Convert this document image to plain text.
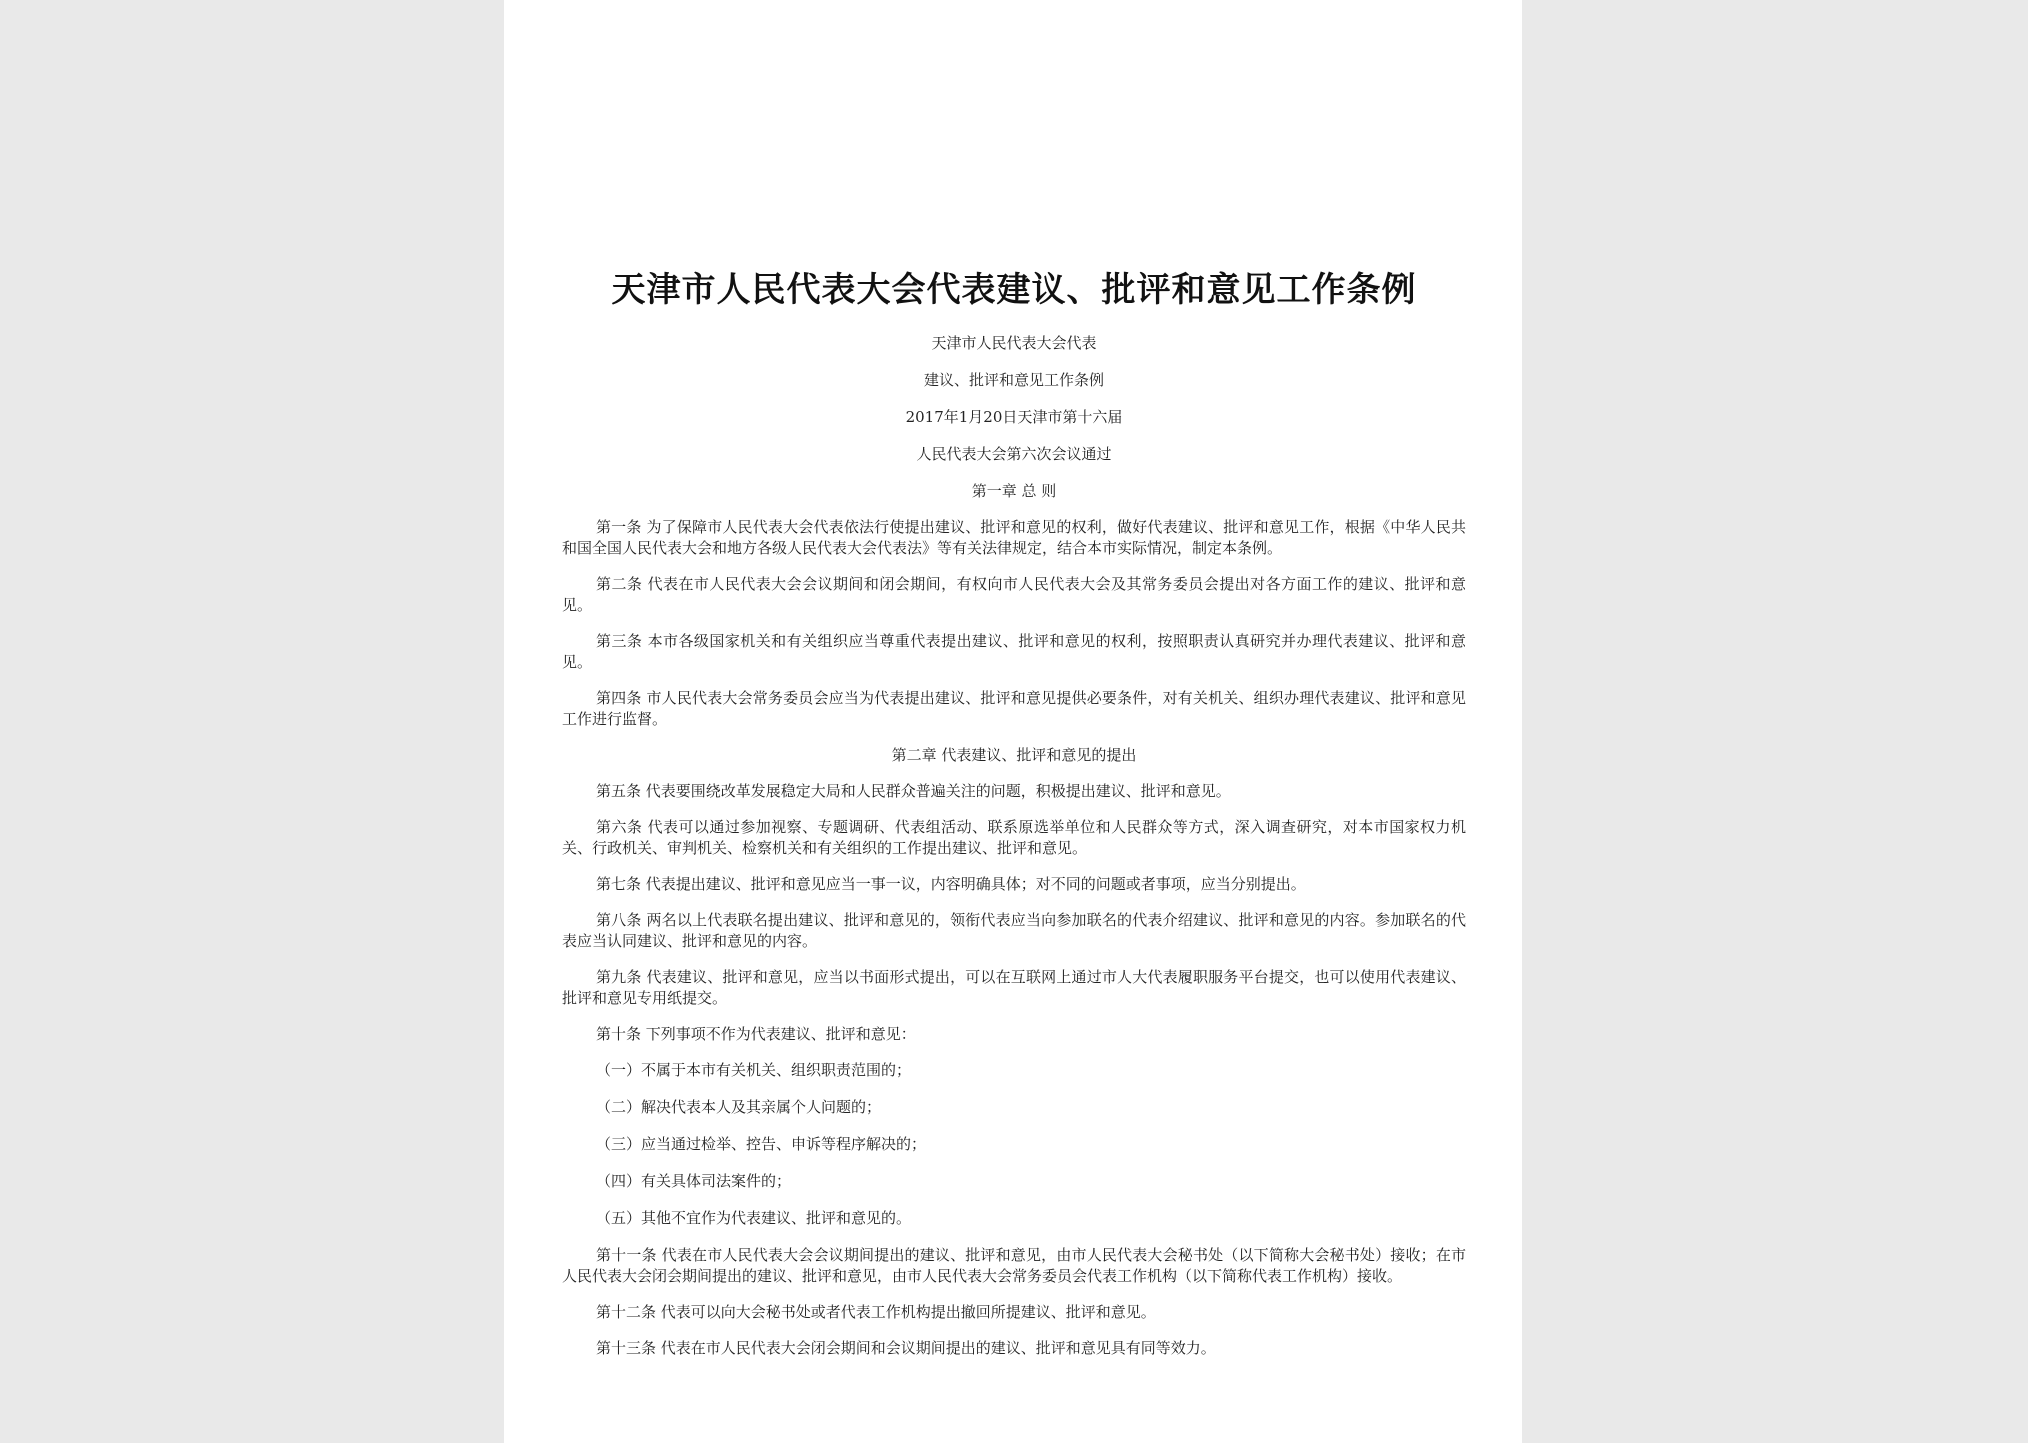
天津市人民代表大会代表建议、批评和意见工作条例

天津市人民代表大会代表

建议、批评和意见工作条例

2017年1月20日天津市第十六届

人民代表大会第六次会议通过

第一章 总 则

第一条 为了保障市人民代表大会代表依法行使提出建议、批评和意见的权利，做好代表建议、批评和意见工作，根据《中华人民共和国全国人民代表大会和地方各级人民代表大会代表法》等有关法律规定，结合本市实际情况，制定本条例。

第二条 代表在市人民代表大会会议期间和闭会期间，有权向市人民代表大会及其常务委员会提出对各方面工作的建议、批评和意见。

第三条 本市各级国家机关和有关组织应当尊重代表提出建议、批评和意见的权利，按照职责认真研究并办理代表建议、批评和意见。

第四条 市人民代表大会常务委员会应当为代表提出建议、批评和意见提供必要条件，对有关机关、组织办理代表建议、批评和意见工作进行监督。

第二章 代表建议、批评和意见的提出

第五条 代表要围绕改革发展稳定大局和人民群众普遍关注的问题，积极提出建议、批评和意见。

第六条 代表可以通过参加视察、专题调研、代表组活动、联系原选举单位和人民群众等方式，深入调查研究，对本市国家权力机关、行政机关、审判机关、检察机关和有关组织的工作提出建议、批评和意见。

第七条 代表提出建议、批评和意见应当一事一议，内容明确具体；对不同的问题或者事项，应当分别提出。

第八条 两名以上代表联名提出建议、批评和意见的，领衔代表应当向参加联名的代表介绍建议、批评和意见的内容。参加联名的代表应当认同建议、批评和意见的内容。

第九条 代表建议、批评和意见，应当以书面形式提出，可以在互联网上通过市人大代表履职服务平台提交，也可以使用代表建议、批评和意见专用纸提交。

第十条 下列事项不作为代表建议、批评和意见：

（一）不属于本市有关机关、组织职责范围的；

（二）解决代表本人及其亲属个人问题的；

（三）应当通过检举、控告、申诉等程序解决的；

（四）有关具体司法案件的；

（五）其他不宜作为代表建议、批评和意见的。

第十一条 代表在市人民代表大会会议期间提出的建议、批评和意见，由市人民代表大会秘书处（以下简称大会秘书处）接收；在市人民代表大会闭会期间提出的建议、批评和意见，由市人民代表大会常务委员会代表工作机构（以下简称代表工作机构）接收。

第十二条 代表可以向大会秘书处或者代表工作机构提出撤回所提建议、批评和意见。

第十三条 代表在市人民代表大会闭会期间和会议期间提出的建议、批评和意见具有同等效力。
